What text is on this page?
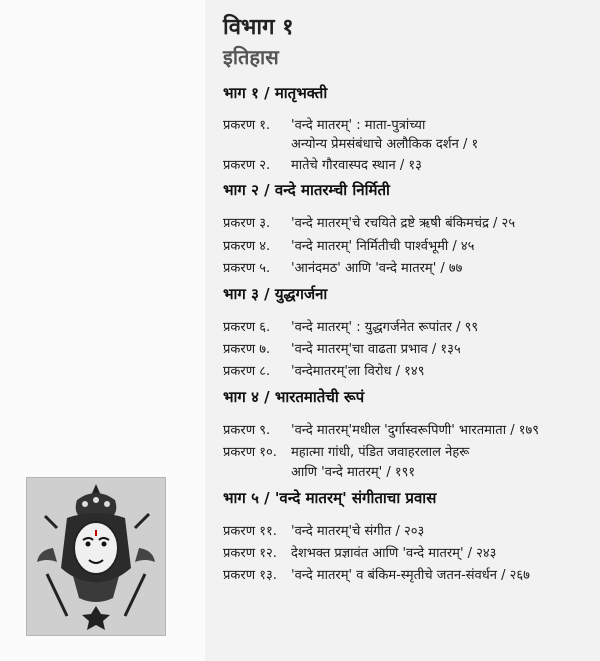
विभाग १
इतिहास
भाग १ / मातृभक्ती
प्रकरण १. 'वन्दे मातरम्' : माता-पुत्रांच्या
अन्योन्य प्रेमसंबंधाचे अलौकिक दर्शन / १
प्रकरण २. मातेचे गौरवास्पद स्थान / १३
भाग २ / वन्दे मातरम्ची निर्मिती
प्रकरण ३. 'वन्दे मातरम्'चे रचयिते द्रष्टे ऋषी बंकिमचंद्र / २५
प्रकरण ४. 'वन्दे मातरम्' निर्मितीची पार्श्वभूमी / ४५
प्रकरण ५. 'आनंदमठ' आणि 'वन्दे मातरम्' / ७७
भाग ३ / युद्धगर्जना
प्रकरण ६. 'वन्दे मातरम्' : युद्धगर्जनेत रूपांतर / ९९
प्रकरण ७. 'वन्दे मातरम्'चा वाढता प्रभाव / १३५
प्रकरण ८. 'वन्देमातरम्'ला विरोध / १४९
भाग ४ / भारतमातेची रूपं
प्रकरण ९. 'वन्दे मातरम्'मधील 'दुर्गास्वरूपिणी' भारतमाता / १७९
प्रकरण १०. महात्मा गांधी, पंडित जवाहरलाल नेहरू
आणि 'वन्दे मातरम्' / १९१
भाग ५ / 'वन्दे मातरम्' संगीताचा प्रवास
प्रकरण ११. 'वन्दे मातरम्'चे संगीत / २०३
प्रकरण १२. देशभक्त प्रज्ञावंत आणि 'वन्दे मातरम्' / २४३
प्रकरण १३. 'वन्दे मातरम्' व बंकिम-स्मृतीचे जतन-संवर्धन / २६७
